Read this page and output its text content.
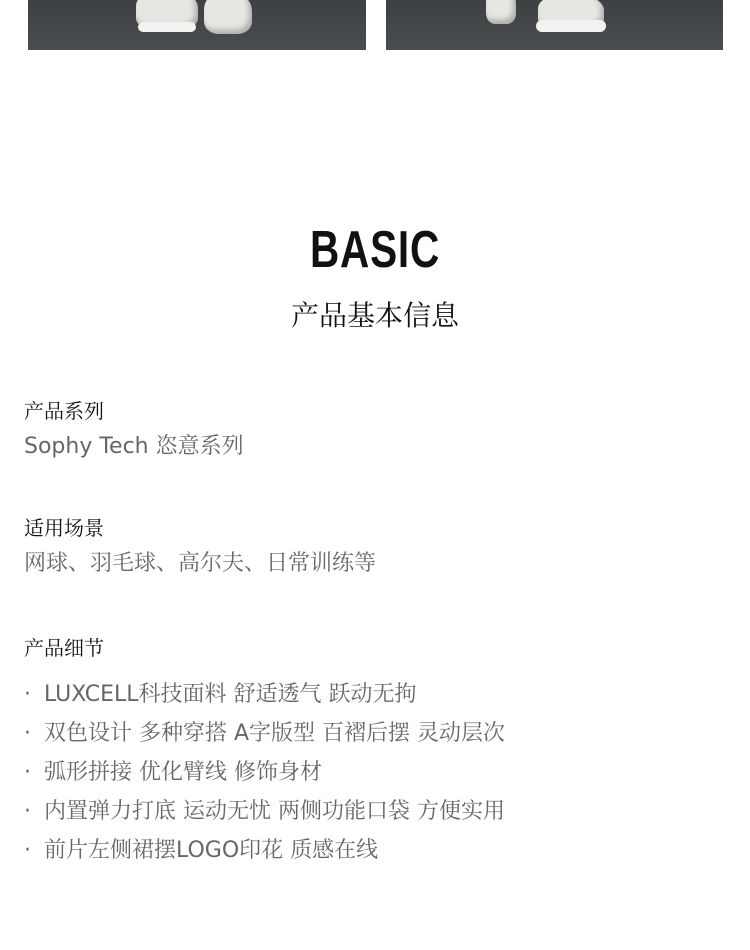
BASIC
产品基本信息

产品系列

Sophy Tech 恣意系列

适用场景

网球、羽毛球、高尔夫、日常训练等

产品细节

· LUXCELL科技面料 舒适透气 跃动无拘
· 双色设计 多种穿搭 A字版型 百褶后摆 灵动层次
· 弧形拼接 优化臂线 修饰身材
· 内置弹力打底 运动无忧 两侧功能口袋 方便实用
· 前片左侧裙摆LOGO印花 质感在线
